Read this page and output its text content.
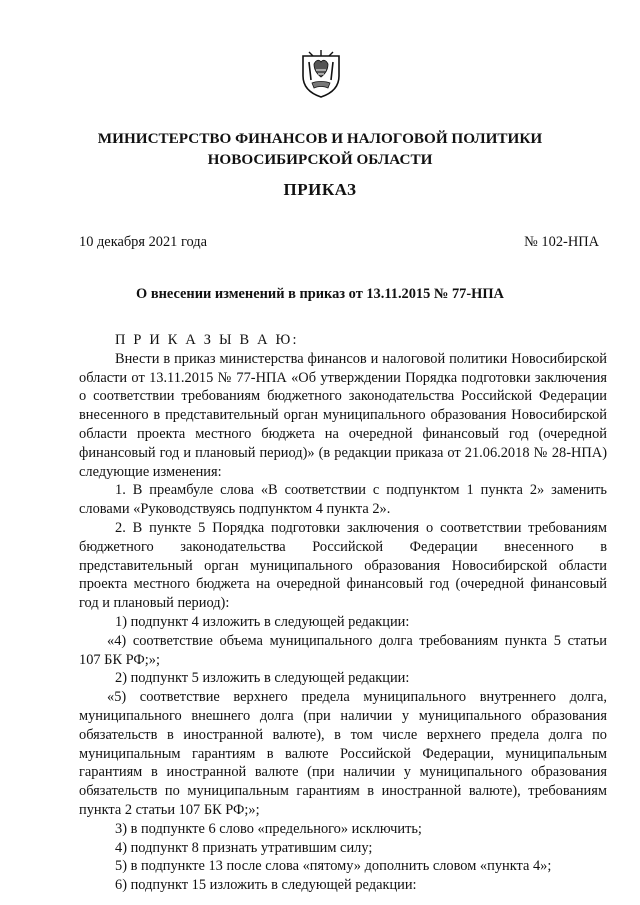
МИНИСТЕРСТВО ФИНАНСОВ И НАЛОГОВОЙ ПОЛИТИКИ
НОВОСИБИРСКОЙ ОБЛАСТИ
ПРИКАЗ
10 декабря 2021 года	№ 102-НПА
О внесении изменений в приказ от 13.11.2015 № 77-НПА

П Р И К А З Ы В А Ю:

Внести в приказ министерства финансов и налоговой политики Новосибирской области от 13.11.2015 № 77-НПА «Об утверждении Порядка подготовки заключения о соответствии требованиям бюджетного законодательства Российской Федерации внесенного в представительный орган муниципального образования Новосибирской области проекта местного бюджета на очередной финансовый год (очередной финансовый год и плановый период)» (в редакции приказа от 21.06.2018 № 28-НПА) следующие изменения:

1. В преамбуле слова «В соответствии с подпунктом 1 пункта 2» заменить словами «Руководствуясь подпунктом 4 пункта 2».

2. В пункте 5 Порядка подготовки заключения о соответствии требованиям бюджетного законодательства Российской Федерации внесенного в представительный орган муниципального образования Новосибирской области проекта местного бюджета на очередной финансовый год (очередной финансовый год и плановый период):

1) подпункт 4 изложить в следующей редакции:

«4) соответствие объема муниципального долга требованиям пункта 5 статьи 107 БК РФ;»;

2) подпункт 5 изложить в следующей редакции:

«5) соответствие верхнего предела муниципального внутреннего долга, муниципального внешнего долга (при наличии у муниципального образования обязательств в иностранной валюте), в том числе верхнего предела долга по муниципальным гарантиям в валюте Российской Федерации, муниципальным гарантиям в иностранной валюте (при наличии у муниципального образования обязательств по муниципальным гарантиям в иностранной валюте), требованиям пункта 2 статьи 107 БК РФ;»;

3) в подпункте 6 слово «предельного» исключить;

4) подпункт 8 признать утратившим силу;

5) в подпункте 13 после слова «пятому» дополнить словом «пункта 4»;

6) подпункт 15 изложить в следующей редакции:
